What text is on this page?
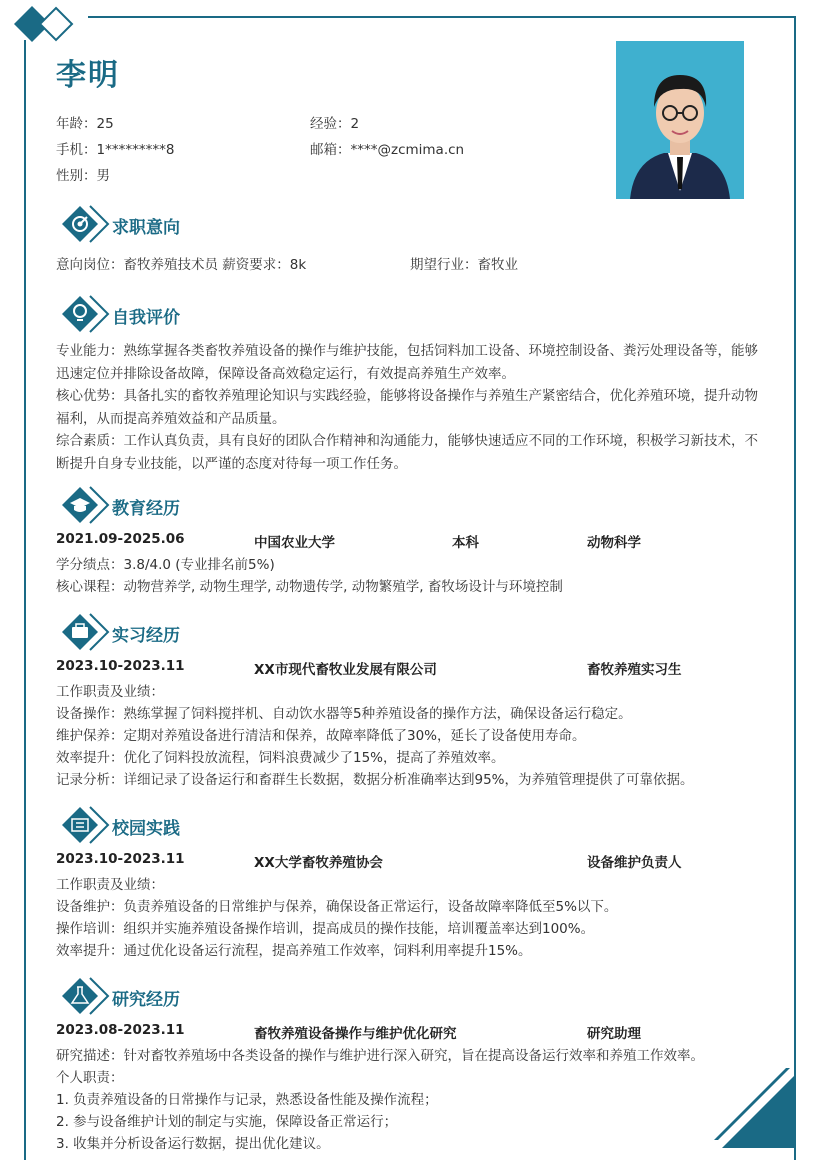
李明
年龄：25	经验：2
手机：1*********8	邮箱：****@zcmima.cn
性别：男
求职意向
意向岗位：畜牧养殖技术员 薪资要求：8k	期望行业：畜牧业
自我评价
专业能力：熟练掌握各类畜牧养殖设备的操作与维护技能，包括饲料加工设备、环境控制设备、粪污处理设备等，能够迅速定位并排除设备故障，保障设备高效稳定运行，有效提高养殖生产效率。
核心优势：具备扎实的畜牧养殖理论知识与实践经验，能够将设备操作与养殖生产紧密结合，优化养殖环境，提升动物福利，从而提高养殖效益和产品质量。
综合素质：工作认真负责，具有良好的团队合作精神和沟通能力，能够快速适应不同的工作环境，积极学习新技术，不断提升自身专业技能，以严谨的态度对待每一项工作任务。
教育经历
2021.09-2025.06	中国农业大学	本科	动物科学
学分绩点：3.8/4.0 (专业排名前5%)
核心课程：动物营养学, 动物生理学, 动物遗传学, 动物繁殖学, 畜牧场设计与环境控制
实习经历
2023.10-2023.11	XX市现代畜牧业发展有限公司	畜牧养殖实习生
工作职责及业绩：
设备操作：熟练掌握了饲料搅拌机、自动饮水器等5种养殖设备的操作方法，确保设备运行稳定。
维护保养：定期对养殖设备进行清洁和保养，故障率降低了30%，延长了设备使用寿命。
效率提升：优化了饲料投放流程，饲料浪费减少了15%，提高了养殖效率。
记录分析：详细记录了设备运行和畜群生长数据，数据分析准确率达到95%，为养殖管理提供了可靠依据。
校园实践
2023.10-2023.11	XX大学畜牧养殖协会	设备维护负责人
工作职责及业绩：
设备维护：负责养殖设备的日常维护与保养，确保设备正常运行，设备故障率降低至5%以下。
操作培训：组织并实施养殖设备操作培训，提高成员的操作技能，培训覆盖率达到100%。
效率提升：通过优化设备运行流程，提高养殖工作效率，饲料利用率提升15%。
研究经历
2023.08-2023.11	畜牧养殖设备操作与维护优化研究	研究助理
研究描述：针对畜牧养殖场中各类设备的操作与维护进行深入研究，旨在提高设备运行效率和养殖工作效率。
个人职责：
1. 负责养殖设备的日常操作与记录，熟悉设备性能及操作流程；
2. 参与设备维护计划的制定与实施，保障设备正常运行；
3. 收集并分析设备运行数据，提出优化建议。
